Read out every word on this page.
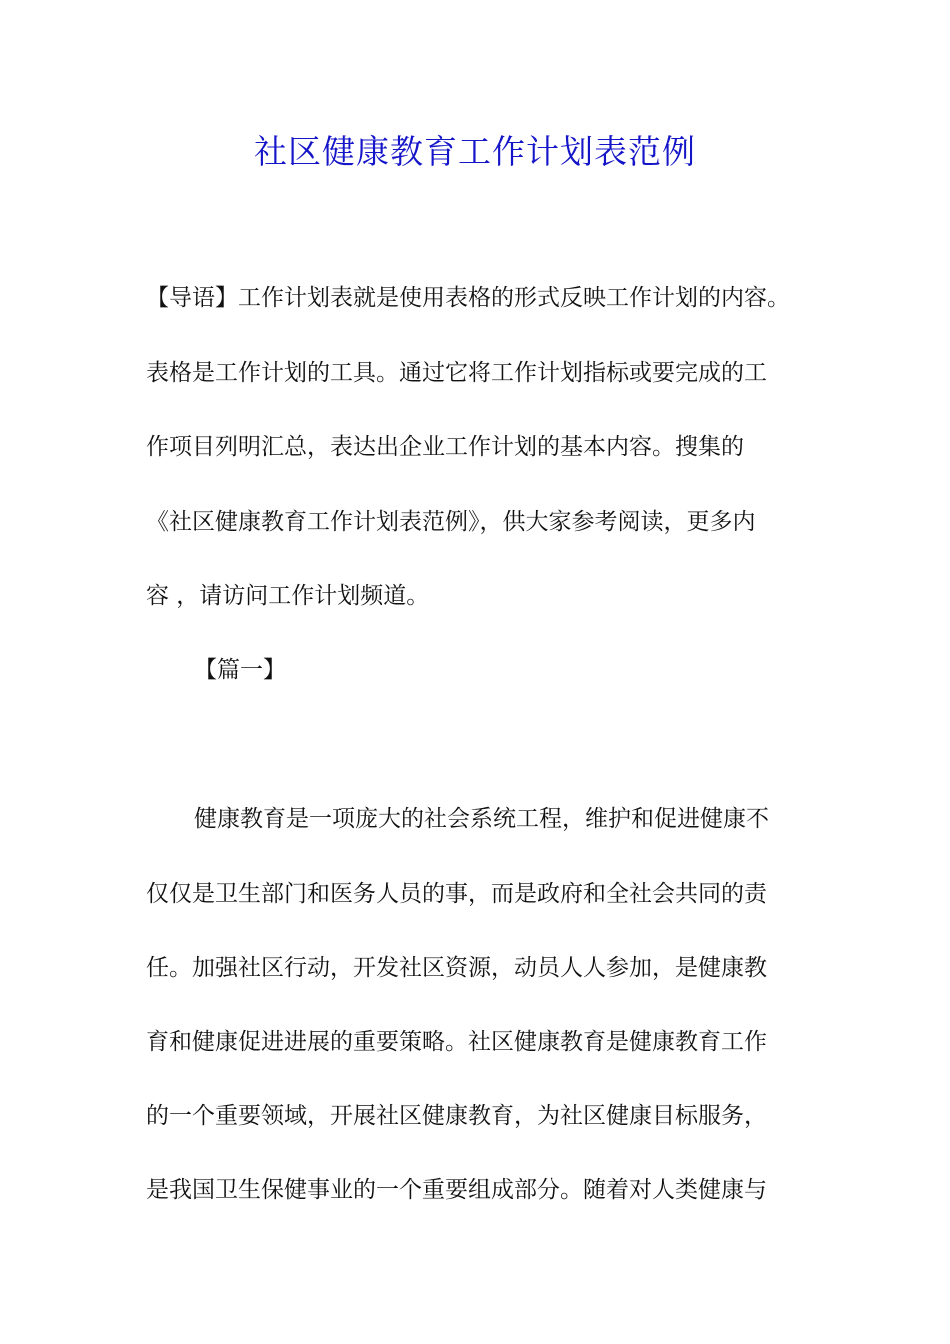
社区健康教育工作计划表范例

【导语】工作计划表就是使用表格的形式反映工作计划的内容。

表格是工作计划的工具。通过它将工作计划指标或要完成的工

作项目列明汇总，表达出企业工作计划的基本内容。搜集的

《社区健康教育工作计划表范例》，供大家参考阅读，更多内

容 ，请访问工作计划频道。

【篇一】

健康教育是一项庞大的社会系统工程，维护和促进健康不

仅仅是卫生部门和医务人员的事，而是政府和全社会共同的责

任。加强社区行动，开发社区资源，动员人人参加，是健康教

育和健康促进进展的重要策略。社区健康教育是健康教育工作

的一个重要领域，开展社区健康教育，为社区健康目标服务，

是我国卫生保健事业的一个重要组成部分。随着对人类健康与
